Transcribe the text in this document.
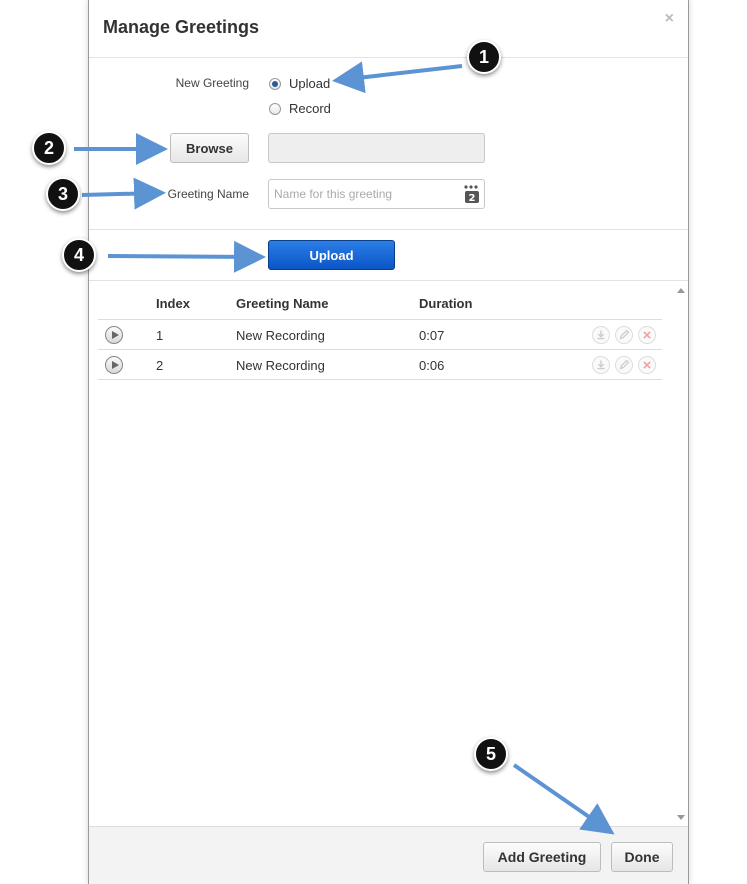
Manage Greetings	×
New Greeting	Upload
Record
Browse
Greeting Name
Name for this greeting	2
Upload
Index	Greeting Name	Duration
1	New Recording	0:07
2	New Recording	0:06
Add Greeting	Done
1
2
3
4
5
